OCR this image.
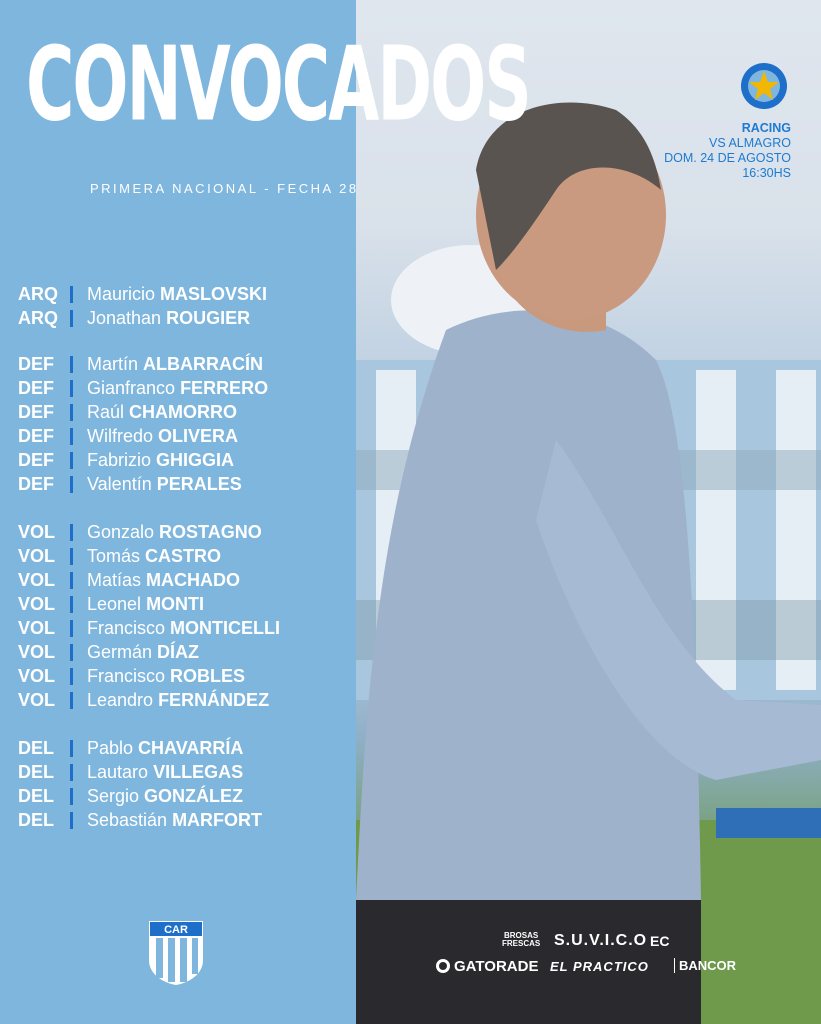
CONVOCADOS
PRIMERA NACIONAL - FECHA 28
RACING
VS ALMAGRO
DOM. 24 DE AGOSTO
16:30HS
ARQ	Mauricio MASLOVSKI
ARQ	Jonathan ROUGIER
DEF	Martín ALBARRACÍN
DEF	Gianfranco FERRERO
DEF	Raúl CHAMORRO
DEF	Wilfredo OLIVERA
DEF	Fabrizio GHIGGIA
DEF	Valentín PERALES
VOL	Gonzalo ROSTAGNO
VOL	Tomás CASTRO
VOL	Matías MACHADO
VOL	Leonel MONTI
VOL	Francisco MONTICELLI
VOL	Germán DÍAZ
VOL	Francisco ROBLES
VOL	Leandro FERNÁNDEZ
DEL	Pablo CHAVARRÍA
DEL	Lautaro VILLEGAS
DEL	Sergio GONZÁLEZ
DEL	Sebastián MARFORT
CAR	BROSAS
FRESCAS S.U.V.I.C.O EC
GATORADE EL PRACTICO	BANCOR
